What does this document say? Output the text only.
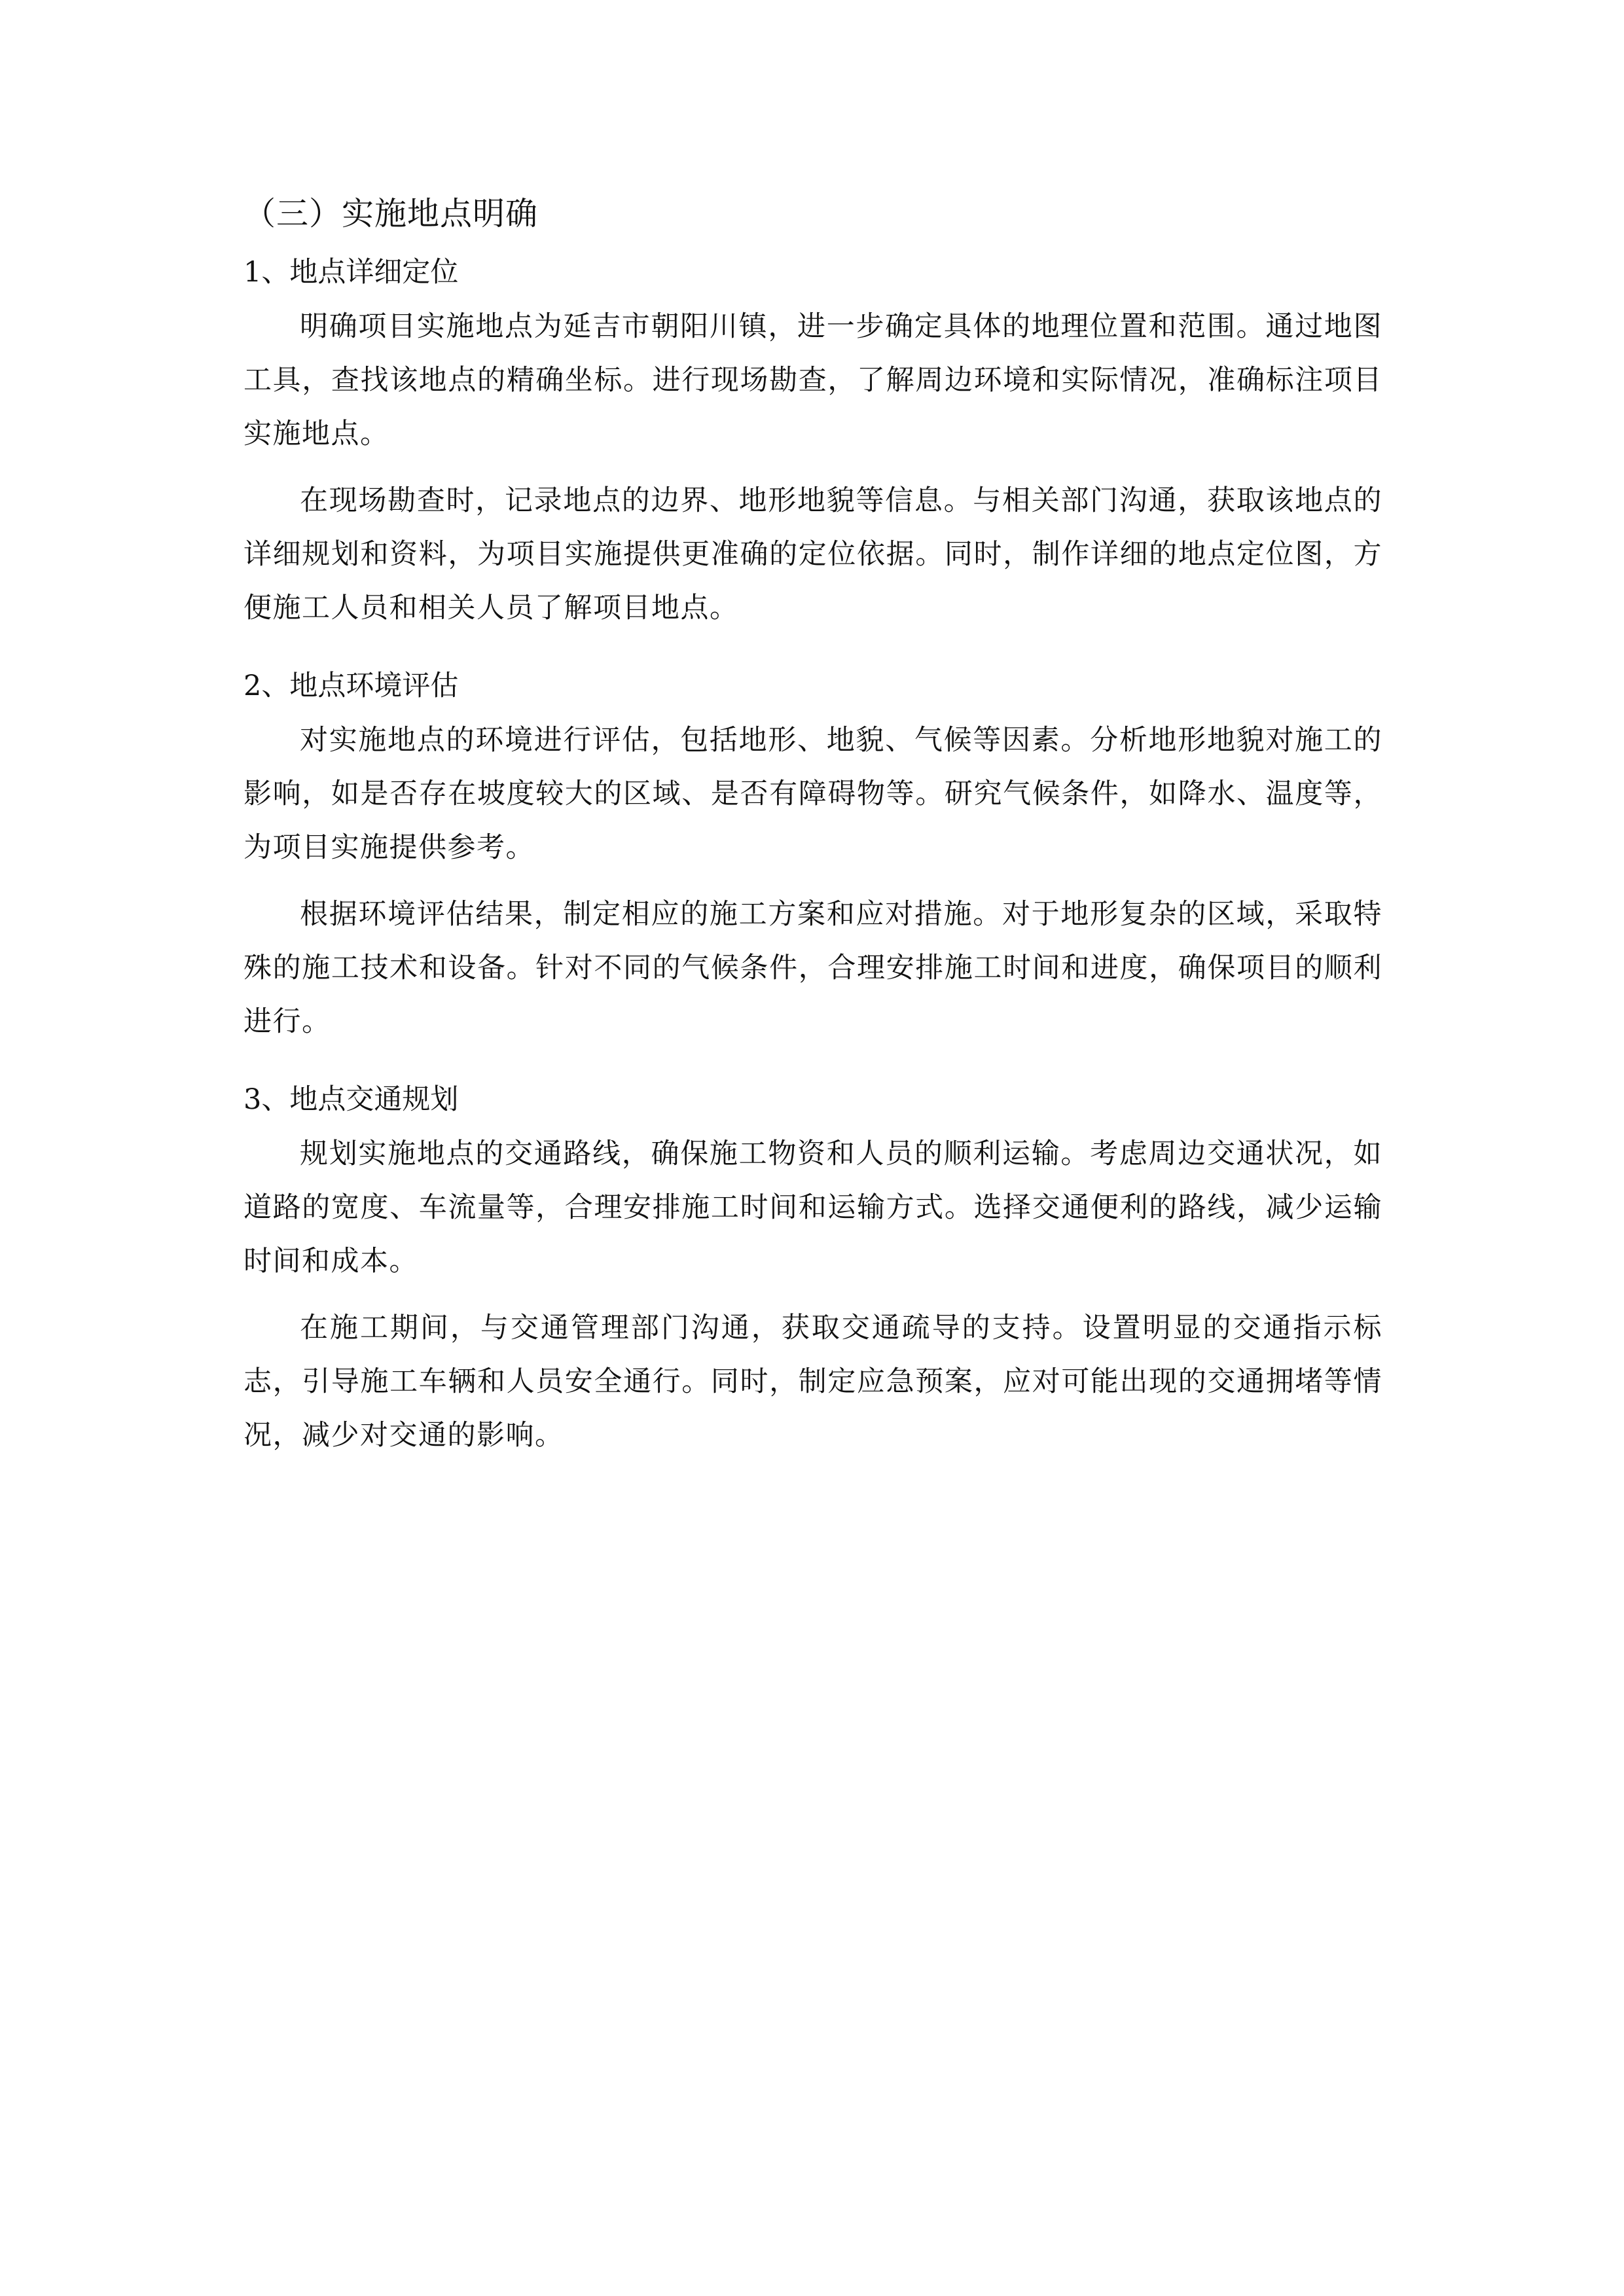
（三）实施地点明确
1、地点详细定位

明确项目实施地点为延吉市朝阳川镇，进一步确定具体的地理位置和范围。通过地图工具，查找该地点的精确坐标。进行现场勘查，了解周边环境和实际情况，准确标注项目实施地点。

在现场勘查时，记录地点的边界、地形地貌等信息。与相关部门沟通，获取该地点的详细规划和资料，为项目实施提供更准确的定位依据。同时，制作详细的地点定位图，方便施工人员和相关人员了解项目地点。

2、地点环境评估

对实施地点的环境进行评估，包括地形、地貌、气候等因素。分析地形地貌对施工的影响，如是否存在坡度较大的区域、是否有障碍物等。研究气候条件，如降水、温度等，为项目实施提供参考。

根据环境评估结果，制定相应的施工方案和应对措施。对于地形复杂的区域，采取特殊的施工技术和设备。针对不同的气候条件，合理安排施工时间和进度，确保项目的顺利进行。

3、地点交通规划

规划实施地点的交通路线，确保施工物资和人员的顺利运输。考虑周边交通状况，如道路的宽度、车流量等，合理安排施工时间和运输方式。选择交通便利的路线，减少运输时间和成本。

在施工期间，与交通管理部门沟通，获取交通疏导的支持。设置明显的交通指示标志，引导施工车辆和人员安全通行。同时，制定应急预案，应对可能出现的交通拥堵等情况，减少对交通的影响。
